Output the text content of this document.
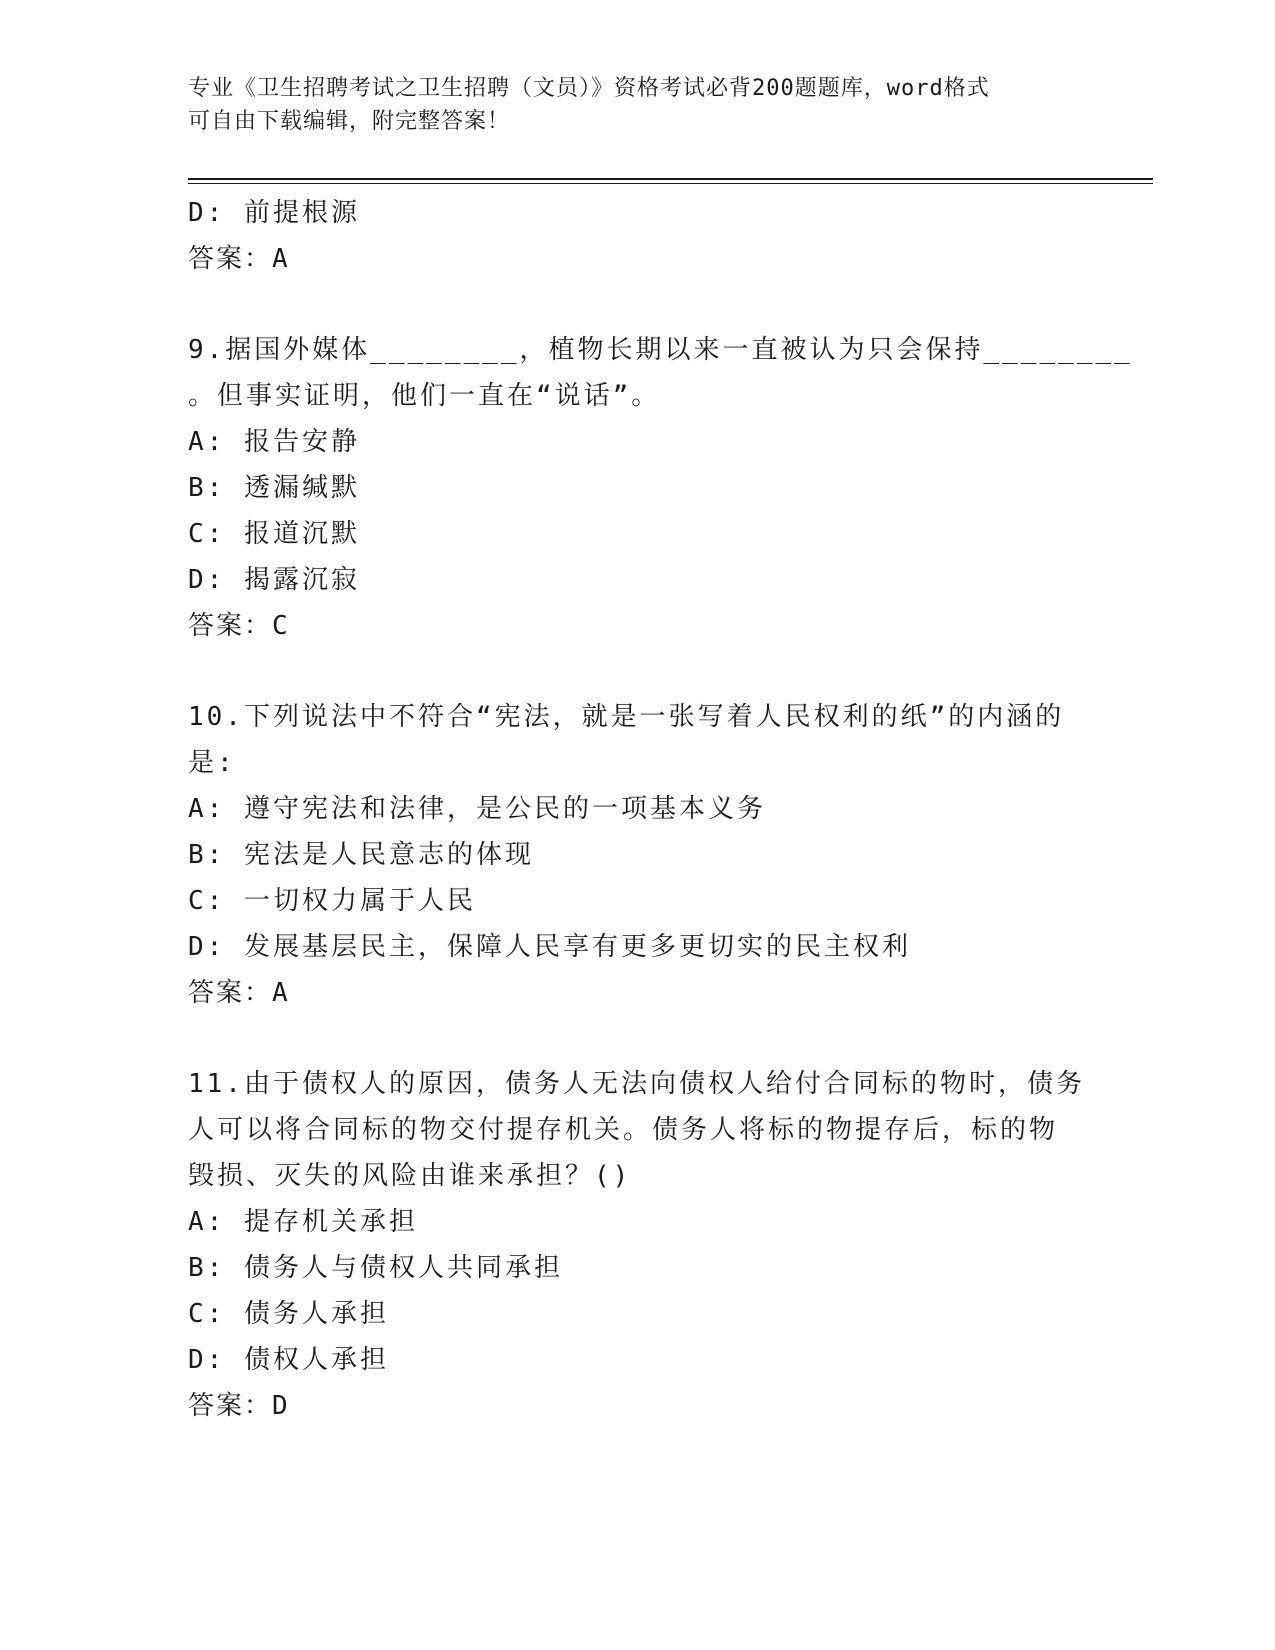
专业《卫生招聘考试之卫生招聘（文员）》资格考试必背200题题库，word格式
可自由下载编辑，附完整答案！
D: 前提根源
答案：A
9.据国外媒体________，植物长期以来一直被认为只会保持________
。但事实证明，他们一直在“说话”。
A: 报告安静
B: 透漏缄默
C: 报道沉默
D: 揭露沉寂
答案：C
10.下列说法中不符合“宪法，就是一张写着人民权利的纸”的内涵的
是:
A: 遵守宪法和法律，是公民的一项基本义务
B: 宪法是人民意志的体现
C: 一切权力属于人民
D: 发展基层民主，保障人民享有更多更切实的民主权利
答案：A
11.由于债权人的原因，债务人无法向债权人给付合同标的物时，债务
人可以将合同标的物交付提存机关。债务人将标的物提存后，标的物
毁损、灭失的风险由谁来承担？()
A: 提存机关承担
B: 债务人与债权人共同承担
C: 债务人承担
D: 债权人承担
答案：D
